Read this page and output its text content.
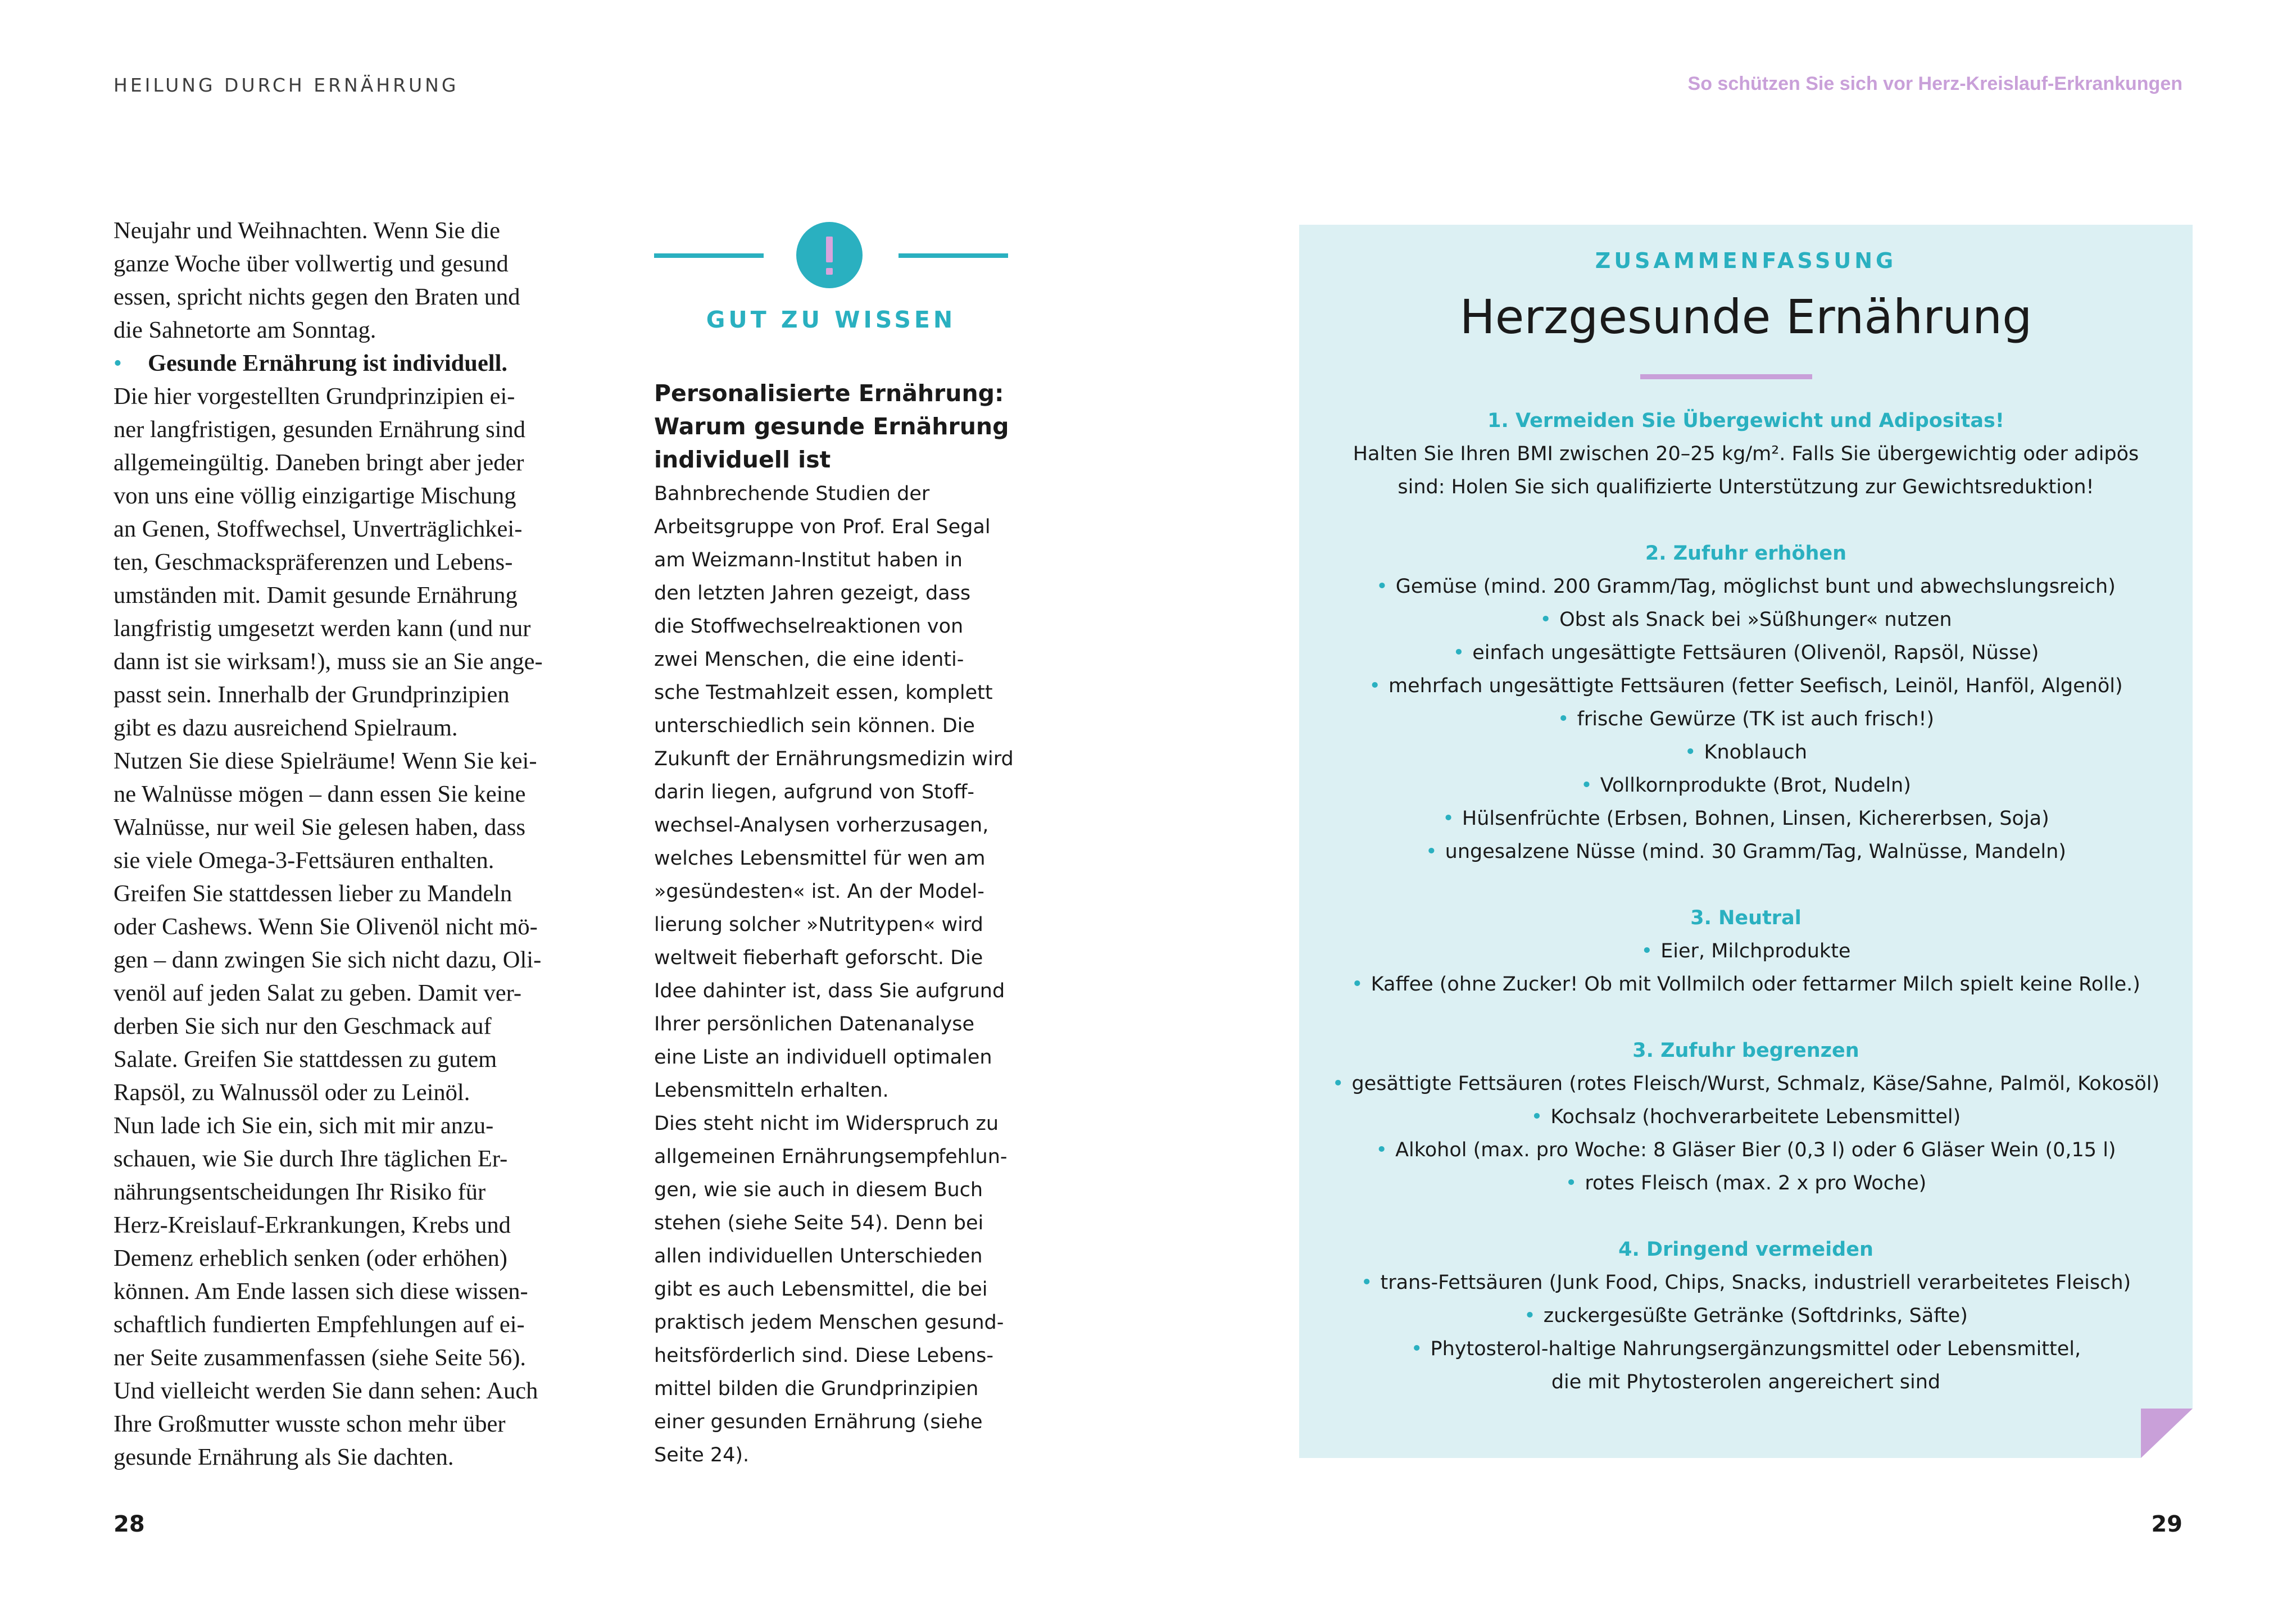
HEILUNG DURCH ERNÄHRUNG	So schützen Sie sich vor Herz-Kreislauf-Erkrankungen
Neujahr und Weihnachten. Wenn Sie die
ganze Woche über vollwertig und gesund
essen, spricht nichts gegen den Braten und
die Sahnetorte am Sonntag.
• Gesunde Ernährung ist individuell.
Die hier vorgestellten Grundprinzipien ei-
ner langfristigen, gesunden Ernährung sind
allgemeingültig. Daneben bringt aber jeder
von uns eine völlig einzigartige Mischung
an Genen, Stoffwechsel, Unverträglichkei-
ten, Geschmackspräferenzen und Lebens-
umständen mit. Damit gesunde Ernährung
langfristig umgesetzt werden kann (und nur
dann ist sie wirksam!), muss sie an Sie ange-
passt sein. Innerhalb der Grundprinzipien
gibt es dazu ausreichend Spielraum.
Nutzen Sie diese Spielräume! Wenn Sie kei-
ne Walnüsse mögen – dann essen Sie keine
Walnüsse, nur weil Sie gelesen haben, dass
sie viele Omega-3-Fettsäuren enthalten.
Greifen Sie stattdessen lieber zu Mandeln
oder Cashews. Wenn Sie Olivenöl nicht mö-
gen – dann zwingen Sie sich nicht dazu, Oli-
venöl auf jeden Salat zu geben. Damit ver-
derben Sie sich nur den Geschmack auf
Salate. Greifen Sie stattdessen zu gutem
Rapsöl, zu Walnussöl oder zu Leinöl.
Nun lade ich Sie ein, sich mit mir anzu-
schauen, wie Sie durch Ihre täglichen Er-
nährungsentscheidungen Ihr Risiko für
Herz-Kreislauf-Erkrankungen, Krebs und
Demenz erheblich senken (oder erhöhen)
können. Am Ende lassen sich diese wissen-
schaftlich fundierten Empfehlungen auf ei-
ner Seite zusammenfassen (siehe Seite 56).
Und vielleicht werden Sie dann sehen: Auch
Ihre Großmutter wusste schon mehr über
gesunde Ernährung als Sie dachten.
GUT ZU WISSEN
Personalisierte Ernährung:
Warum gesunde Ernährung
individuell ist
Bahnbrechende Studien der
Arbeitsgruppe von Prof. Eral Segal
am Weizmann-Institut haben in
den letzten Jahren gezeigt, dass
die Stoffwechselreaktionen von
zwei Menschen, die eine identi-
sche Testmahlzeit essen, komplett
unterschiedlich sein können. Die
Zukunft der Ernährungsmedizin wird
darin liegen, aufgrund von Stoff-
wechsel-Analysen vorherzusagen,
welches Lebensmittel für wen am
»gesündesten« ist. An der Model-
lierung solcher »Nutritypen« wird
weltweit fieberhaft geforscht. Die
Idee dahinter ist, dass Sie aufgrund
Ihrer persönlichen Datenanalyse
eine Liste an individuell optimalen
Lebensmitteln erhalten.
Dies steht nicht im Widerspruch zu
allgemeinen Ernährungsempfehlun-
gen, wie sie auch in diesem Buch
stehen (siehe Seite 54). Denn bei
allen individuellen Unterschieden
gibt es auch Lebensmittel, die bei
praktisch jedem Menschen gesund-
heitsförderlich sind. Diese Lebens-
mittel bilden die Grundprinzipien
einer gesunden Ernährung (siehe
Seite 24).
ZUSAMMENFASSUNG
Herzgesunde Ernährung
1. Vermeiden Sie Übergewicht und Adipositas!
Halten Sie Ihren BMI zwischen 20–25 kg/m². Falls Sie übergewichtig oder adipös
sind: Holen Sie sich qualifizierte Unterstützung zur Gewichtsreduktion!
2. Zufuhr erhöhen
• Gemüse (mind. 200 Gramm/Tag, möglichst bunt und abwechslungsreich)
• Obst als Snack bei »Süßhunger« nutzen
• einfach ungesättigte Fettsäuren (Olivenöl, Rapsöl, Nüsse)
• mehrfach ungesättigte Fettsäuren (fetter Seefisch, Leinöl, Hanföl, Algenöl)
• frische Gewürze (TK ist auch frisch!)
• Knoblauch
• Vollkornprodukte (Brot, Nudeln)
• Hülsenfrüchte (Erbsen, Bohnen, Linsen, Kichererbsen, Soja)
• ungesalzene Nüsse (mind. 30 Gramm/Tag, Walnüsse, Mandeln)
3. Neutral
• Eier, Milchprodukte
• Kaffee (ohne Zucker! Ob mit Vollmilch oder fettarmer Milch spielt keine Rolle.)
3. Zufuhr begrenzen
• gesättigte Fettsäuren (rotes Fleisch/Wurst, Schmalz, Käse/Sahne, Palmöl, Kokosöl)
• Kochsalz (hochverarbeitete Lebensmittel)
• Alkohol (max. pro Woche: 8 Gläser Bier (0,3 l) oder 6 Gläser Wein (0,15 l)
• rotes Fleisch (max. 2 x pro Woche)
4. Dringend vermeiden
• trans-Fettsäuren (Junk Food, Chips, Snacks, industriell verarbeitetes Fleisch)
• zuckergesüßte Getränke (Softdrinks, Säfte)
• Phytosterol-haltige Nahrungsergänzungsmittel oder Lebensmittel,
die mit Phytosterolen angereichert sind
28	29
